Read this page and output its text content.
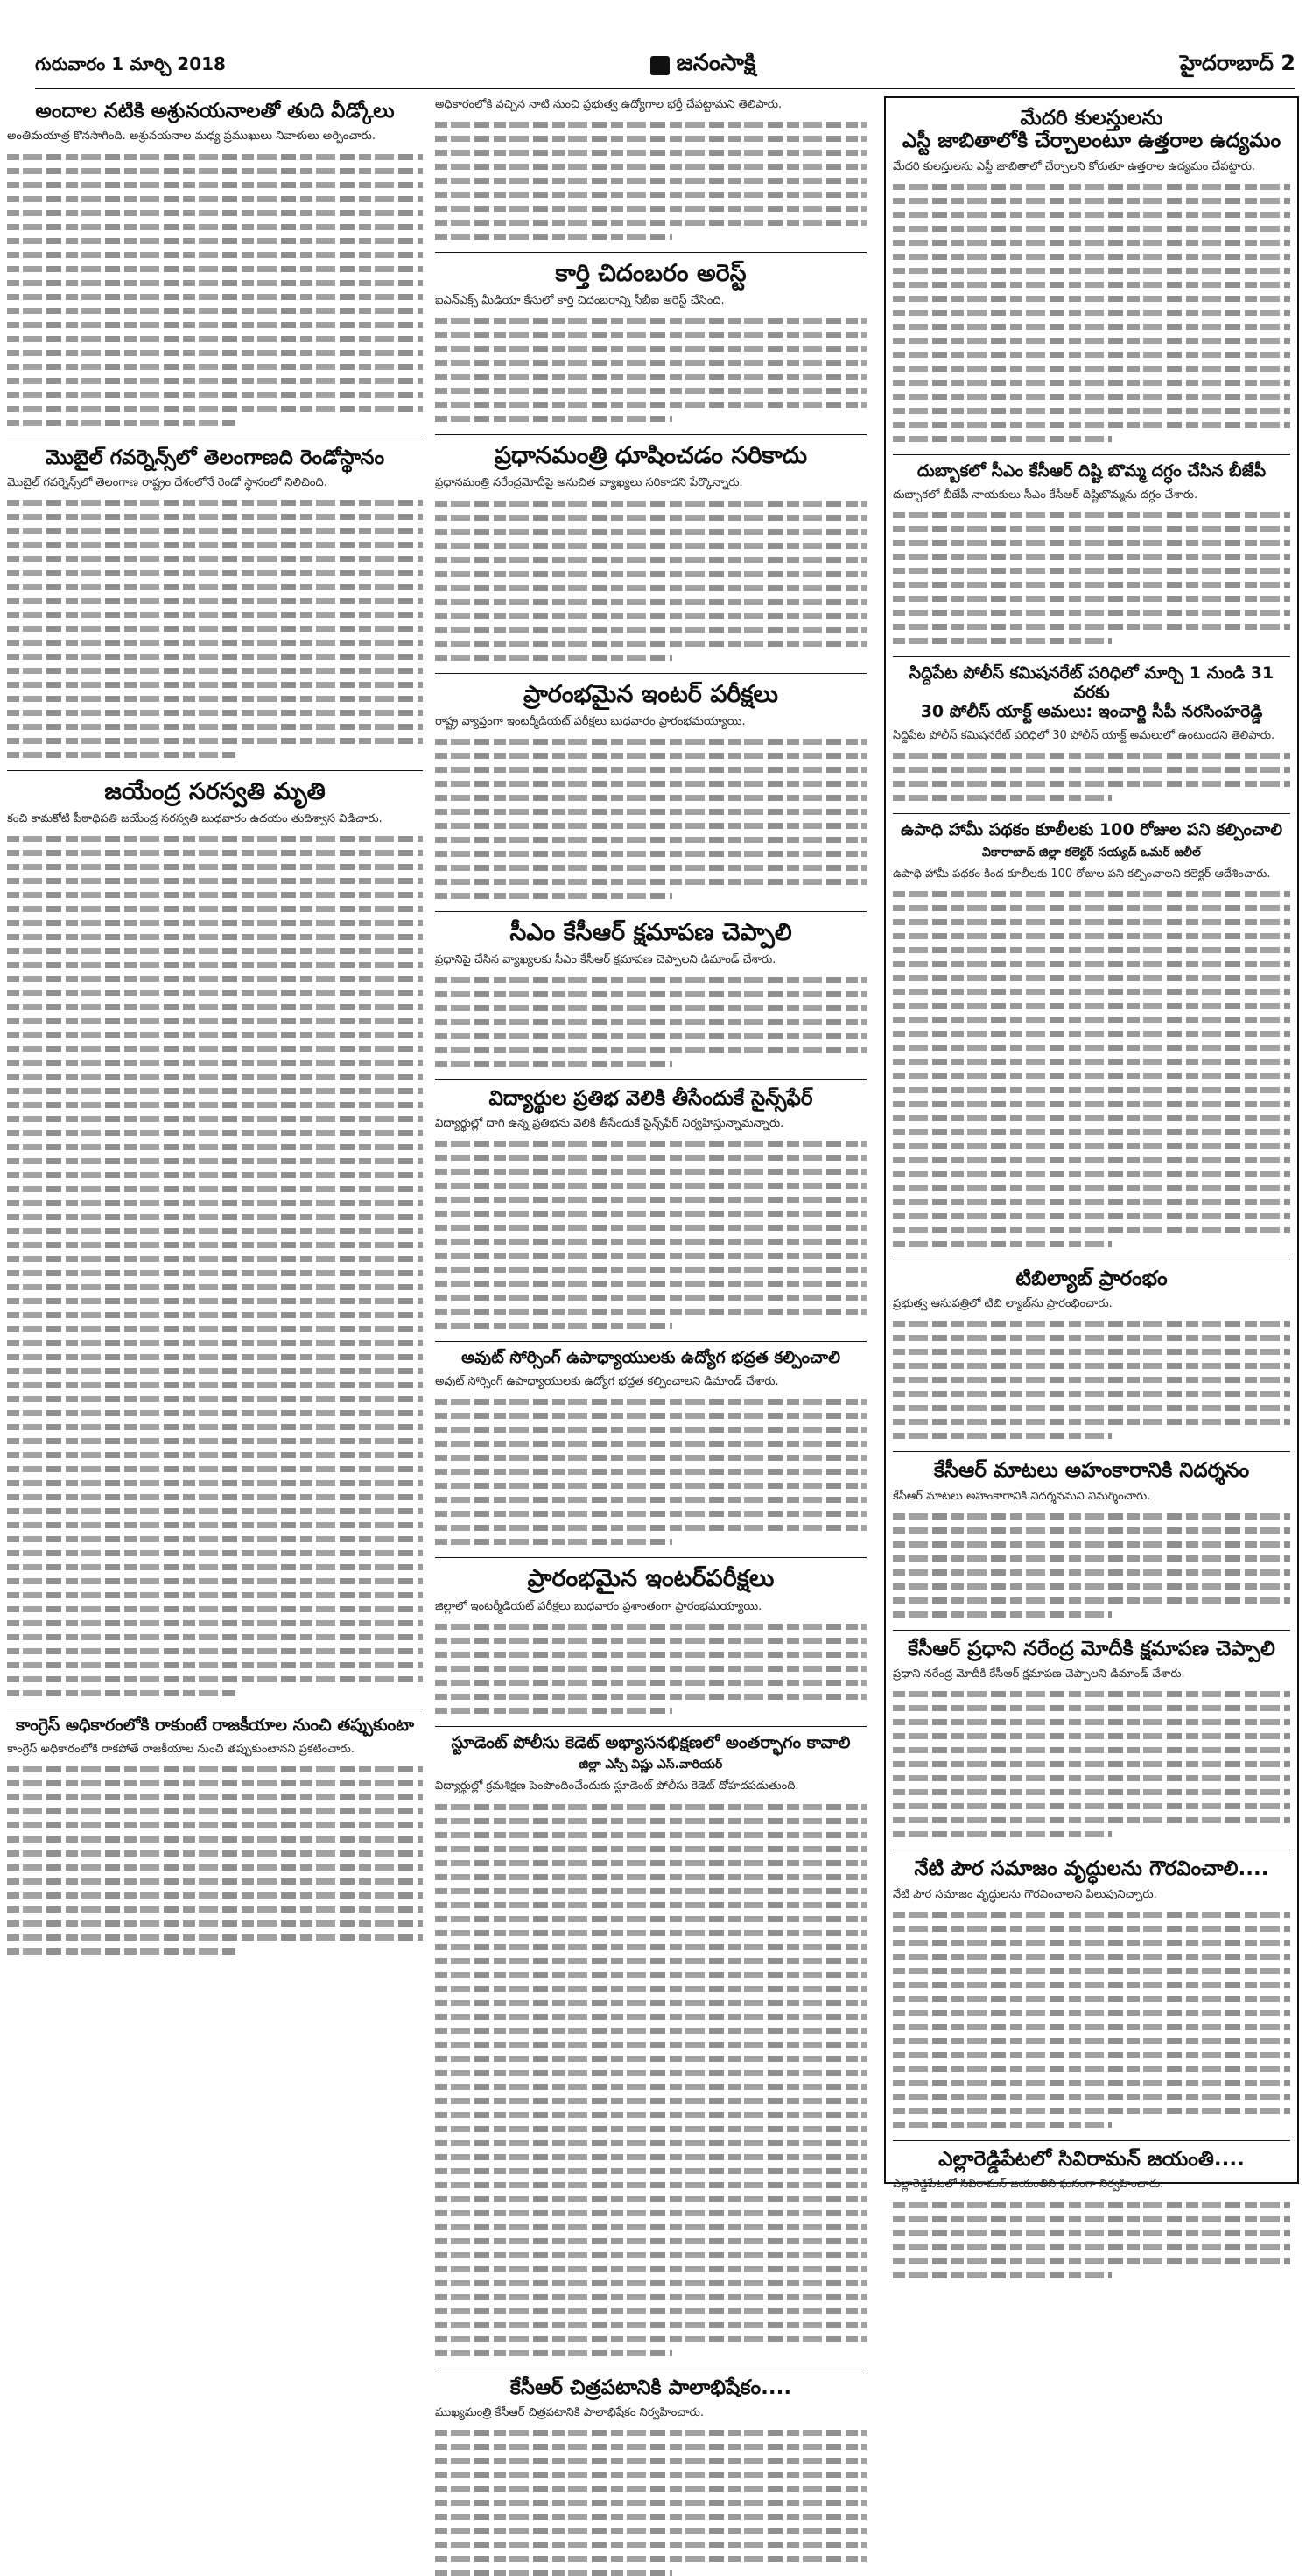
గురువారం 1 మార్చి 2018	జనంసాక్షి	హైదరాబాద్ 2
అందాల నటికి అశ్రునయనాలతో తుది వీడ్కోలు
అంతిమయాత్ర కొనసాగింది. అశ్రునయనాల మధ్య ప్రముఖులు నివాళులు అర్పించారు.
మొబైల్ గవర్నెన్స్‌లో తెలంగాణది రెండోస్థానం
మొబైల్ గవర్నెన్స్‌లో తెలంగాణ రాష్ట్రం దేశంలోనే రెండో స్థానంలో నిలిచింది.
జయేంద్ర సరస్వతి మృతి
కంచి కామకోటి పీఠాధిపతి జయేంద్ర సరస్వతి బుధవారం ఉదయం తుదిశ్వాస విడిచారు.
కాంగ్రెస్ అధికారంలోకి రాకుంటే రాజకీయాల నుంచి తప్పుకుంటా
కాంగ్రెస్ అధికారంలోకి రాకపోతే రాజకీయాల నుంచి తప్పుకుంటానని ప్రకటించారు.
అధికారంలోకి వచ్చిన నాటి నుంచి ప్రభుత్వ ఉద్యోగాల భర్తీ చేపట్టామని తెలిపారు.
కార్తి చిదంబరం అరెస్ట్
ఐఎన్ఎక్స్ మీడియా కేసులో కార్తి చిదంబరాన్ని సీబీఐ అరెస్ట్ చేసింది.
ప్రధానమంత్రి ధూషించడం సరికాదు
ప్రధానమంత్రి నరేంద్రమోదీపై అనుచిత వ్యాఖ్యలు సరికాదని పేర్కొన్నారు.
ప్రారంభమైన ఇంటర్ పరీక్షలు
రాష్ట్ర వ్యాప్తంగా ఇంటర్మీడియట్ పరీక్షలు బుధవారం ప్రారంభమయ్యాయి.
సీఎం కేసీఆర్ క్షమాపణ చెప్పాలి
ప్రధానిపై చేసిన వ్యాఖ్యలకు సీఎం కేసీఆర్ క్షమాపణ చెప్పాలని డిమాండ్ చేశారు.
విద్యార్థుల ప్రతిభ వెలికి తీసేందుకే సైన్స్‌ఫేర్
విద్యార్థుల్లో దాగి ఉన్న ప్రతిభను వెలికి తీసేందుకే సైన్స్‌ఫేర్ నిర్వహిస్తున్నామన్నారు.
అవుట్ సోర్సింగ్ ఉపాధ్యాయులకు ఉద్యోగ భద్రత కల్పించాలి
అవుట్ సోర్సింగ్ ఉపాధ్యాయులకు ఉద్యోగ భద్రత కల్పించాలని డిమాండ్ చేశారు.
ప్రారంభమైన ఇంటర్‌పరీక్షలు
జిల్లాలో ఇంటర్మీడియట్ పరీక్షలు బుధవారం ప్రశాంతంగా ప్రారంభమయ్యాయి.
స్టూడెంట్ పోలీసు కెడెట్ అభ్యాసనభిక్షణలో అంతర్భాగం కావాలి
జిల్లా ఎస్పీ విష్ణు ఎస్.వారియర్
విద్యార్థుల్లో క్రమశిక్షణ పెంపొందించేందుకు స్టూడెంట్ పోలీసు కెడెట్ దోహదపడుతుంది.
కేసీఆర్ చిత్రపటానికి పాలాభిషేకం....
ముఖ్యమంత్రి కేసీఆర్ చిత్రపటానికి పాలాభిషేకం నిర్వహించారు.
మేదరి కులస్తులను
ఎస్టీ జాబితాలోకి చేర్చాలంటూ ఉత్తరాల ఉద్యమం
మేదరి కులస్తులను ఎస్టీ జాబితాలో చేర్చాలని కోరుతూ ఉత్తరాల ఉద్యమం చేపట్టారు.
దుబ్బాకలో సీఎం కేసీఆర్ దిష్టి బొమ్మ దగ్ధం చేసిన బీజేపీ
దుబ్బాకలో బీజేపీ నాయకులు సీఎం కేసీఆర్ దిష్టిబొమ్మను దగ్ధం చేశారు.
సిద్దిపేట పోలీస్ కమిషనరేట్ పరిధిలో మార్చి 1 నుండి 31 వరకు
30 పోలీస్ యాక్ట్ అమలు: ఇంచార్జి సీపీ నరసింహరెడ్డి
సిద్దిపేట పోలీస్ కమిషనరేట్ పరిధిలో 30 పోలీస్ యాక్ట్ అమలులో ఉంటుందని తెలిపారు.
ఉపాధి హామీ పథకం కూలీలకు 100 రోజుల పని కల్పించాలి
వికారాబాద్ జిల్లా కలెక్టర్ సయ్యద్ ఒమర్ జలీల్
ఉపాధి హామీ పథకం కింద కూలీలకు 100 రోజుల పని కల్పించాలని కలెక్టర్ ఆదేశించారు.
టిబిల్యాబ్ ప్రారంభం
ప్రభుత్వ ఆసుపత్రిలో టిబి ల్యాబ్‌ను ప్రారంభించారు.
కేసీఆర్ మాటలు అహంకారానికి నిదర్శనం
కేసీఆర్ మాటలు అహంకారానికి నిదర్శనమని విమర్శించారు.
కేసీఆర్ ప్రధాని నరేంద్ర మోదీకి క్షమాపణ చెప్పాలి
ప్రధాని నరేంద్ర మోదీకి కేసీఆర్ క్షమాపణ చెప్పాలని డిమాండ్ చేశారు.
నేటి పౌర సమాజం వృద్ధులను గౌరవించాలి....
నేటి పౌర సమాజం వృద్ధులను గౌరవించాలని పిలుపునిచ్చారు.
ఎల్లారెడ్డిపేటలో సివిరామన్ జయంతి....
ఎల్లారెడ్డిపేటలో సివిరామన్ జయంతిని ఘనంగా నిర్వహించారు.
